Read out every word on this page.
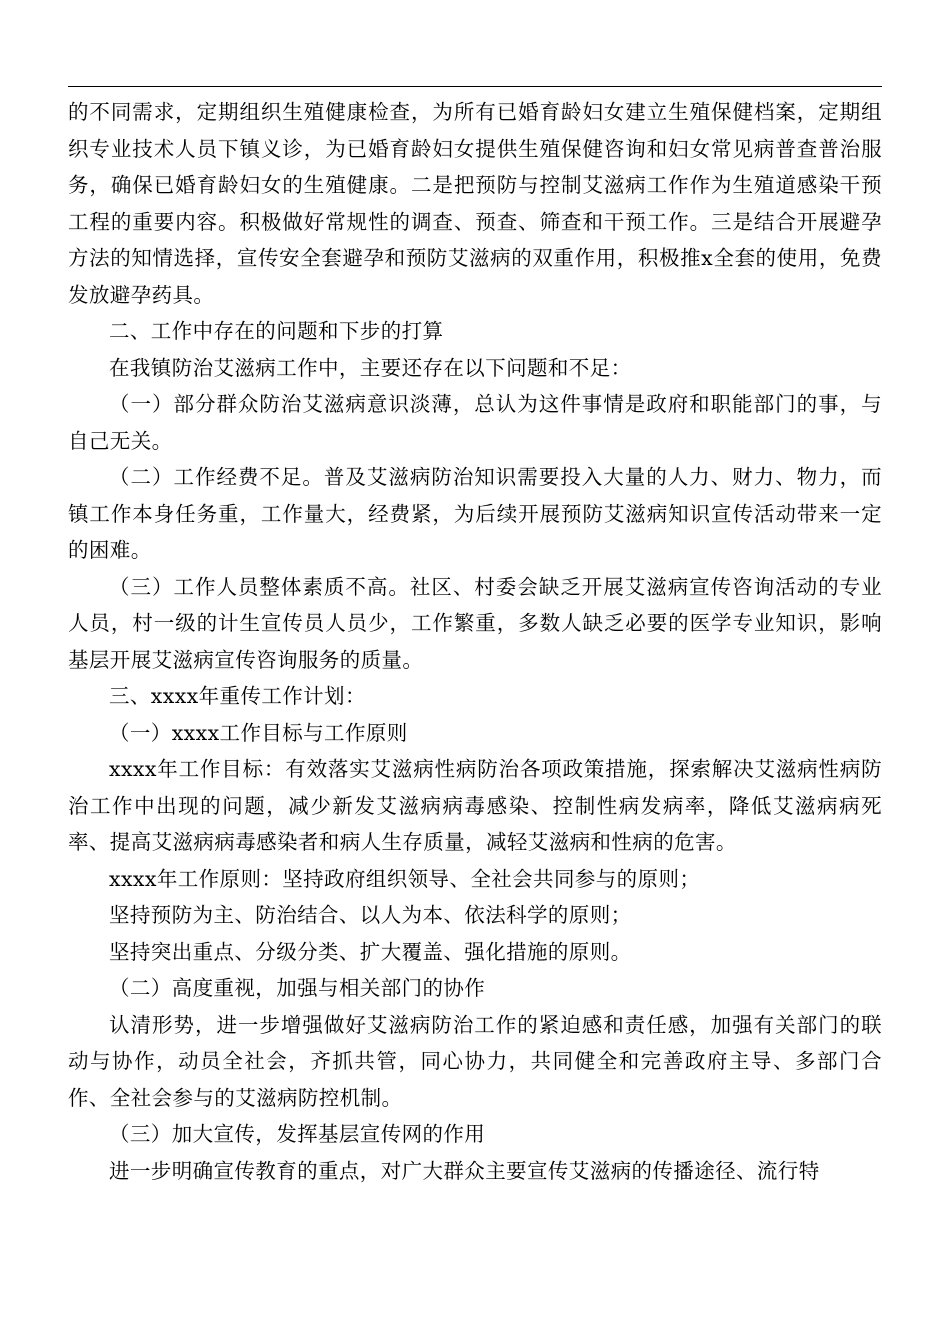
的不同需求，定期组织生殖健康检查，为所有已婚育龄妇女建立生殖保健档案，定期组织专业技术人员下镇义诊，为已婚育龄妇女提供生殖保健咨询和妇女常见病普查普治服务，确保已婚育龄妇女的生殖健康。二是把预防与控制艾滋病工作作为生殖道感染干预工程的重要内容。积极做好常规性的调查、预查、筛查和干预工作。三是结合开展避孕方法的知情选择，宣传安全套避孕和预防艾滋病的双重作用，积极推x全套的使用，免费发放避孕药具。

二、工作中存在的问题和下步的打算

在我镇防治艾滋病工作中，主要还存在以下问题和不足：

（一）部分群众防治艾滋病意识淡薄，总认为这件事情是政府和职能部门的事，与自己无关。

（二）工作经费不足。普及艾滋病防治知识需要投入大量的人力、财力、物力，而镇工作本身任务重，工作量大，经费紧，为后续开展预防艾滋病知识宣传活动带来一定的困难。

（三）工作人员整体素质不高。社区、村委会缺乏开展艾滋病宣传咨询活动的专业人员，村一级的计生宣传员人员少，工作繁重，多数人缺乏必要的医学专业知识，影响基层开展艾滋病宣传咨询服务的质量。

三、xxxx年重传工作计划：

（一）xxxx工作目标与工作原则

xxxx年工作目标：有效落实艾滋病性病防治各项政策措施，探索解决艾滋病性病防治工作中出现的问题，减少新发艾滋病病毒感染、控制性病发病率，降低艾滋病病死率、提高艾滋病病毒感染者和病人生存质量，减轻艾滋病和性病的危害。

xxxx年工作原则：坚持政府组织领导、全社会共同参与的原则；

坚持预防为主、防治结合、以人为本、依法科学的原则；

坚持突出重点、分级分类、扩大覆盖、强化措施的原则。

（二）高度重视，加强与相关部门的协作

认清形势，进一步增强做好艾滋病防治工作的紧迫感和责任感，加强有关部门的联动与协作，动员全社会，齐抓共管，同心协力，共同健全和完善政府主导、多部门合作、全社会参与的艾滋病防控机制。

（三）加大宣传，发挥基层宣传网的作用

进一步明确宣传教育的重点，对广大群众主要宣传艾滋病的传播途径、流行特
